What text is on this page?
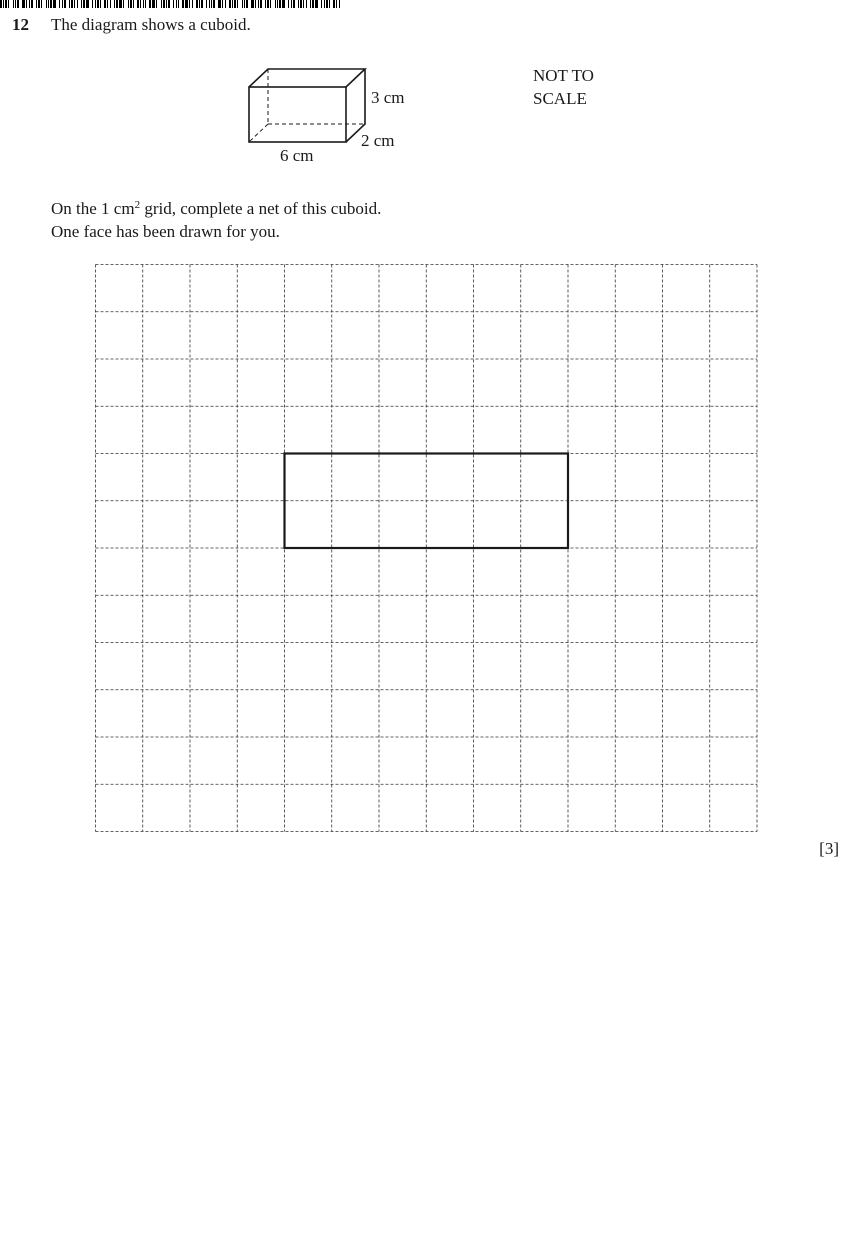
12 The diagram shows a cuboid.
3 cm
2 cm
6 cm
NOT TO
SCALE
On the 1 $cm^2$ grid, complete a net of this cuboid.
One face has been drawn for you.
[3]
